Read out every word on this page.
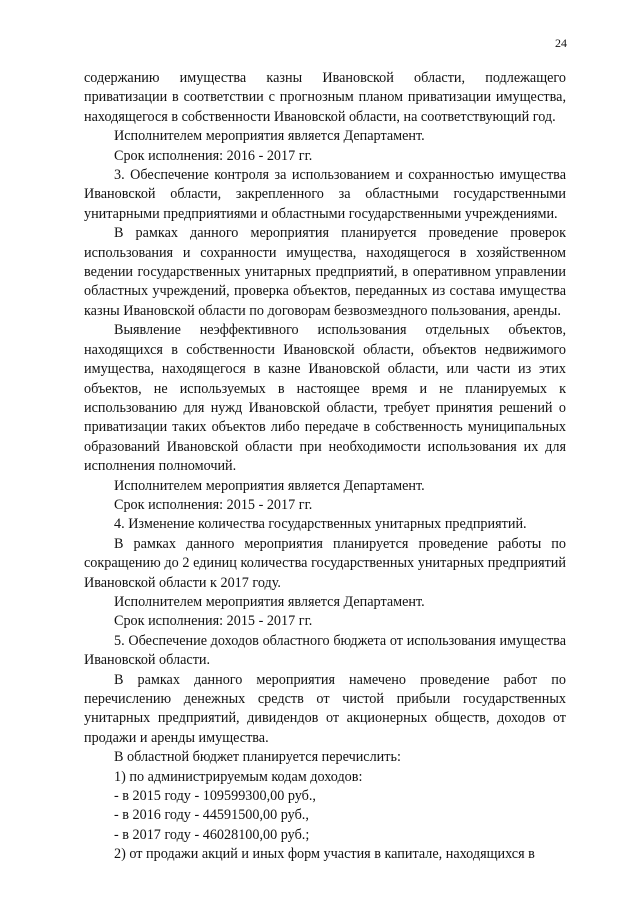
24

содержанию имущества казны Ивановской области, подлежащего приватизации в соответствии с прогнозным планом приватизации имущества, находящегося в собственности Ивановской области, на соответствующий год.

Исполнителем мероприятия является Департамент.

Срок исполнения: 2016 - 2017 гг.

3. Обеспечение контроля за использованием и сохранностью имущества Ивановской области, закрепленного за областными государственными унитарными предприятиями и областными государственными учреждениями.

В рамках данного мероприятия планируется проведение проверок использования и сохранности имущества, находящегося в хозяйственном ведении государственных унитарных предприятий, в оперативном управлении областных учреждений, проверка объектов, переданных из состава имущества казны Ивановской области по договорам безвозмездного пользования, аренды.

Выявление неэффективного использования отдельных объектов, находящихся в собственности Ивановской области, объектов недвижимого имущества, находящегося в казне Ивановской области, или части из этих объектов, не используемых в настоящее время и не планируемых к использованию для нужд Ивановской области, требует принятия решений о приватизации таких объектов либо передаче в собственность муниципальных образований Ивановской области при необходимости использования их для исполнения полномочий.

Исполнителем мероприятия является Департамент.

Срок исполнения: 2015 - 2017 гг.

4. Изменение количества государственных унитарных предприятий.

В рамках данного мероприятия планируется проведение работы по сокращению до 2 единиц количества государственных унитарных предприятий Ивановской области к 2017 году.

Исполнителем мероприятия является Департамент.

Срок исполнения: 2015 - 2017 гг.

5. Обеспечение доходов областного бюджета от использования имущества Ивановской области.

В рамках данного мероприятия намечено проведение работ по перечислению денежных средств от чистой прибыли государственных унитарных предприятий, дивидендов от акционерных обществ, доходов от продажи и аренды имущества.

В областной бюджет планируется перечислить:

1) по администрируемым кодам доходов:

- в 2015 году - 109599300,00 руб.,

- в 2016 году - 44591500,00 руб.,

- в 2017 году - 46028100,00 руб.;

2) от продажи акций и иных форм участия в капитале, находящихся в
